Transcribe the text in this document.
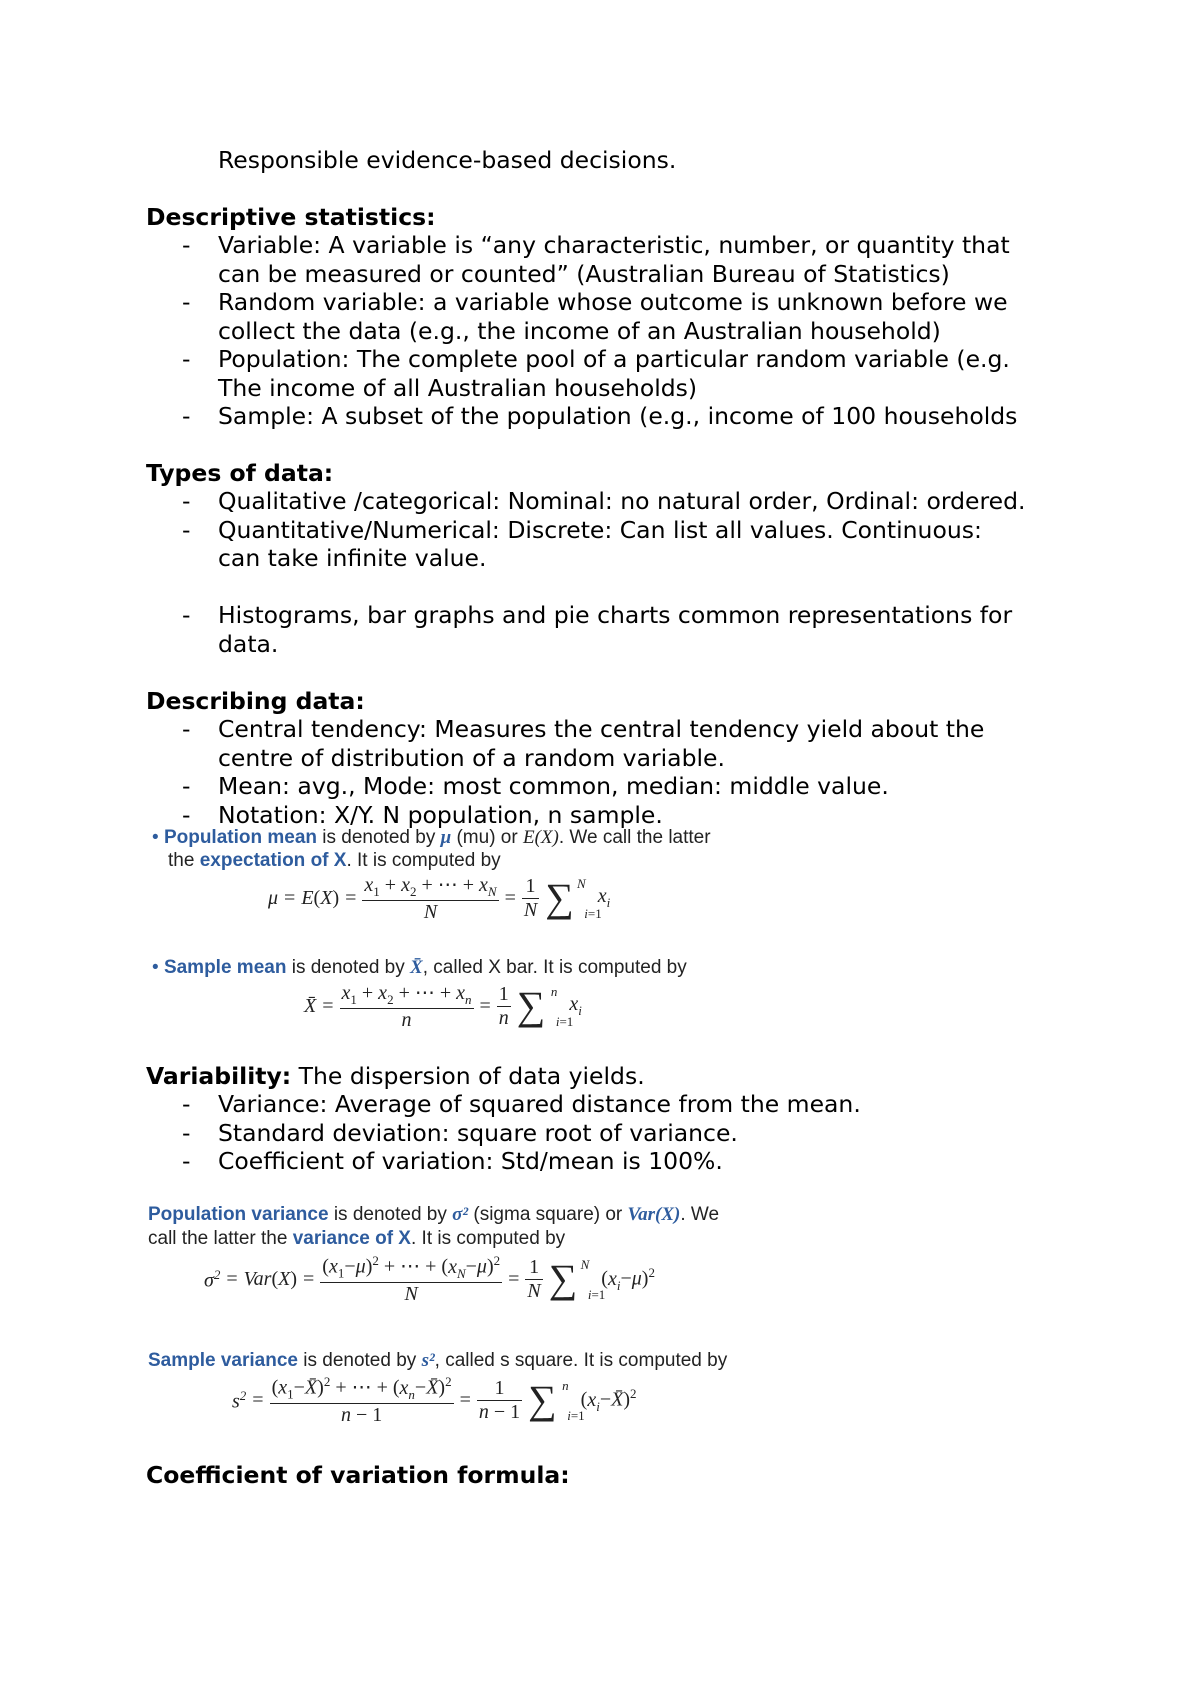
Responsible evidence-based decisions.
Descriptive statistics:
- Variable: A variable is “any characteristic, number, or quantity that
can be measured or counted” (Australian Bureau of Statistics)
- Random variable: a variable whose outcome is unknown before we
collect the data (e.g., the income of an Australian household)
- Population: The complete pool of a particular random variable (e.g.
The income of all Australian households)
- Sample: A subset of the population (e.g., income of 100 households
Types of data:
- Qualitative /categorical: Nominal: no natural order, Ordinal: ordered.
- Quantitative/Numerical: Discrete: Can list all values. Continuous:
can take infinite value.
- Histograms, bar graphs and pie charts common representations for
data.
Describing data:
- Central tendency: Measures the central tendency yield about the
centre of distribution of a random variable.
- Mean: avg., Mode: most common, median: middle value.
- Notation: X/Y. N population, n sample.
• Population mean is denoted by μ (mu) or E(X). We call the latter
the expectation of X. It is computed by
μ = E $(X) = \frac{x_1 + x_2 + \cdots + x_N}{N} = \frac{1}{N}$ ∑ N
i=1
$x_i$
• Sample mean is denoted by X̄, called X bar. It is computed by
X̄ = $\frac{x_1 + x_2 + \cdots + x_n}{n} = \frac{1}{n}$ ∑ n
i=1
$x_i$
Variability: The dispersion of data yields.
- Variance: Average of squared distance from the mean.
- Standard deviation: square root of variance.
- Coefficient of variation: Std/mean is 100%.
Population variance is denoted by σ² (sigma square) or Var(X). We
call the latter the variance of X. It is computed by
$\sigma^2$ = Var $(X) = \frac{(x_1-\mu)^2 + \cdots + (x_N-\mu)^2}{N} = \frac{1}{N}$ ∑ N
i=1
$(x_i-\mu)^2$
Sample variance is denoted by s², called s square. It is computed by
$s^2 = \frac{(x_1-X̄)^2 + \cdots + (x_n-X̄)^2}{n - 1} = \frac{1}{n - 1}$ ∑ n
i=1
$(x_i-X̄)^2$
Coefficient of variation formula:
